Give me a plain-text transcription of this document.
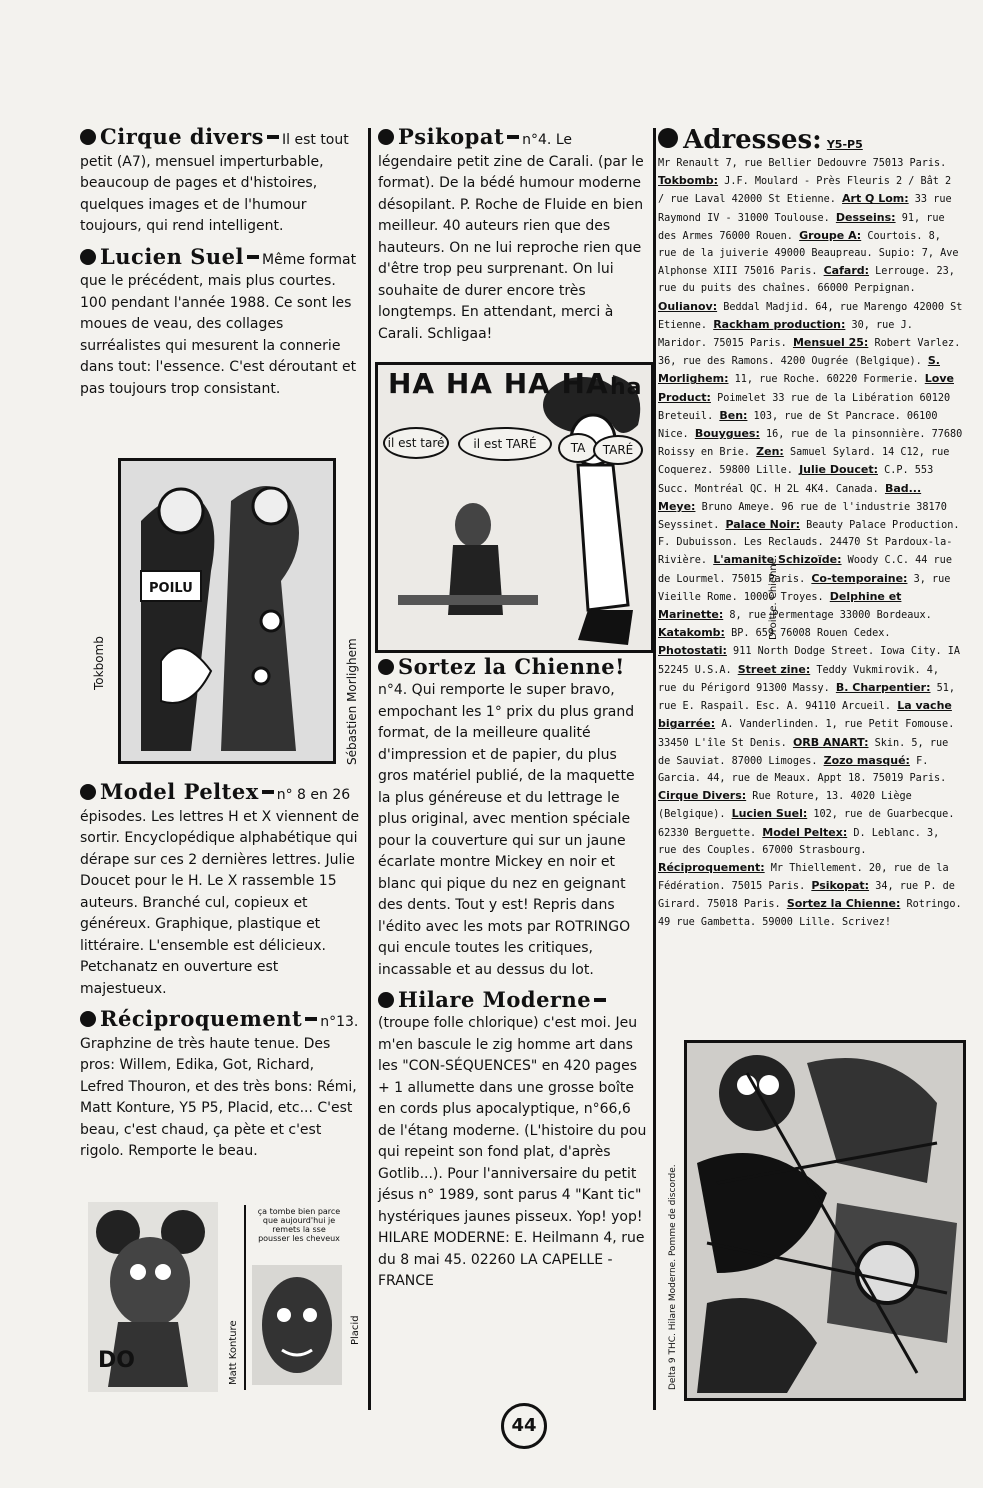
Cirque divers Il est tout petit (A7), mensuel imperturbable, beaucoup de pages et d'histoires, quelques images et de l'humour toujours, qui rend intelligent.
Lucien Suel Même format que le précédent, mais plus courtes. 100 pendant l'année 1988. Ce sont les moues de veau, des collages surréalistes qui mesurent la connerie dans tout: l'essence. C'est déroutant et pas toujours trop consistant.
POILU
Tokbomb	Sébastien Morlighem
Model Peltex n° 8 en 26 épisodes. Les lettres H et X viennent de sortir. Encyclopédique alphabétique qui dérape sur ces 2 dernières lettres. Julie Doucet pour le H. Le X rassemble 15 auteurs. Branché cul, copieux et généreux. Graphique, plastique et littéraire. L'ensemble est délicieux. Petchanatz en ouverture est majestueux.
Réciproquement n°13. Graphzine de très haute tenue. Des pros: Willem, Edika, Got, Richard, Lefred Thouron, et des très bons: Rémi, Matt Konture, Y5 P5, Placid, etc... C'est beau, c'est chaud, ça pète et c'est rigolo. Remporte le beau.
DO	Matt Konture
ça tombe bien parce que aujourd'hui je remets la sse pousser les cheveux
Placid
Psikopat n°4. Le légendaire petit zine de Carali. (par le format). De la bédé humour moderne désopilant. P. Roche de Fluide en bien meilleur. 40 auteurs rien que des hauteurs. On ne lui reproche rien que d'être trop peu surprenant. On lui souhaite de durer encore très longtemps. En attendant, merci à Carali. Schligaa!
HA HA HA HA ha
il est taré	il est TARÉ	TA	TARÉ
Sortez la Chienne!n°4. Qui remporte le super bravo, empochant les 1° prix du plus grand format, de la meilleure qualité d'impression et de papier, du plus gros matériel publié, de la maquette la plus généreuse et du lettrage le plus original, avec mention spéciale pour la couverture qui sur un jaune écarlate montre Mickey en noir et blanc qui pique du nez en geignant des dents. Tout y est! Repris dans l'édito avec les mots par ROTRINGO qui encule toutes les critiques, incassable et au dessus du lot.
Hilare Moderne(troupe folle chlorique) c'est moi. Jeu m'en bascule le zig homme art dans les "CON-SÉQUENCES" en 420 pages + 1 allumette dans une grosse boîte en cords plus apocalyptique, n°66,6 de l'étang moderne. (L'histoire du pou qui repeint son fond plat, d'après Gotlib...). Pour l'anniversaire du petit jésus n° 1989, sont parus 4 "Kant tic" hystériques jaunes pisseux. Yop! yop! HILARE MODERNE: E. Heilmann 4, rue du 8 mai 45. 02260 LA CAPELLE - FRANCE
Adresses: Y5-P5
Mr Renault 7, rue Bellier Dedouvre 75013 Paris. Tokbomb: J.F. Moulard - Près Fleuris 2 / Bât 2 / rue Laval 42000 St Etienne. Art Q Lom: 33 rue Raymond IV - 31000 Toulouse. Desseins: 91, rue des Armes 76000 Rouen. Groupe A: Courtois. 8, rue de la juiverie 49000 Beaupreau. Supio: 7, Ave Alphonse XIII 75016 Paris. Cafard: Lerrouge. 23, rue du puits des chaînes. 66000 Perpignan. Oulianov: Beddal Madjid. 64, rue Marengo 42000 St Etienne. Rackham production: 30, rue J. Maridor. 75015 Paris. Mensuel 25: Robert Varlez. 36, rue des Ramons. 4200 Ougrée (Belgique). S. Morlighem: 11, rue Roche. 60220 Formerie. Love Product: Poimelet 33 rue de la Libération 60120 Breteuil. Ben: 103, rue de St Pancrace. 06100 Nice. Bouygues: 16, rue de la pinsonnière. 77680 Roissy en Brie. Zen: Samuel Sylard. 14 C12, rue Coquerez. 59800 Lille. Julie Doucet: C.P. 553 Succ. Montréal QC. H 2L 4K4. Canada. Bad... Meye: Bruno Ameye. 96 rue de l'industrie 38170 Seyssinet. Palace Noir: Beauty Palace Production. F. Dubuisson. Les Reclauds. 24470 St Pardoux-la-Rivière. L'amanite Schizoïde: Woody C.C. 44 rue de Lourmel. 75015 Paris. Co-temporaine: 3, rue Vieille Rome. 10000 Troyes. Delphine et Marinette: 8, rue Permentage 33000 Bordeaux. Katakomb: BP. 659 76008 Rouen Cedex. Photostati: 911 North Dodge Street. Iowa City. IA 52245 U.S.A. Street zine: Teddy Vukmirovik. 4, rue du Périgord 91300 Massy. B. Charpentier: 51, rue E. Raspail. Esc. A. 94110 Arcueil. La vache bigarrée: A. Vanderlinden. 1, rue Petit Fomouse. 33450 L'île St Denis. ORB ANART: Skin. 5, rue de Sauviat. 87000 Limoges. Zozo masqué: F. Garcia. 44, rue de Meaux. Appt 18. 75019 Paris. Cirque Divers: Rue Roture, 13. 4020 Liège (Belgique). Lucien Suel: 102, rue de Guarbecque. 62330 Berguette. Model Peltex: D. Leblanc. 3, rue des Couples. 67000 Strasbourg. Réciproquement: Mr Thiellement. 20, rue de la Fédération. 75015 Paris. Psikopat: 34, rue P. de Girard. 75018 Paris. Sortez la Chienne: Rotringo. 49 rue Gambetta. 59000 Lille. Scrivez!
Droitte. Chienne.
Delta 9 THC. Hilare Moderne. Pomme de discorde.
44
